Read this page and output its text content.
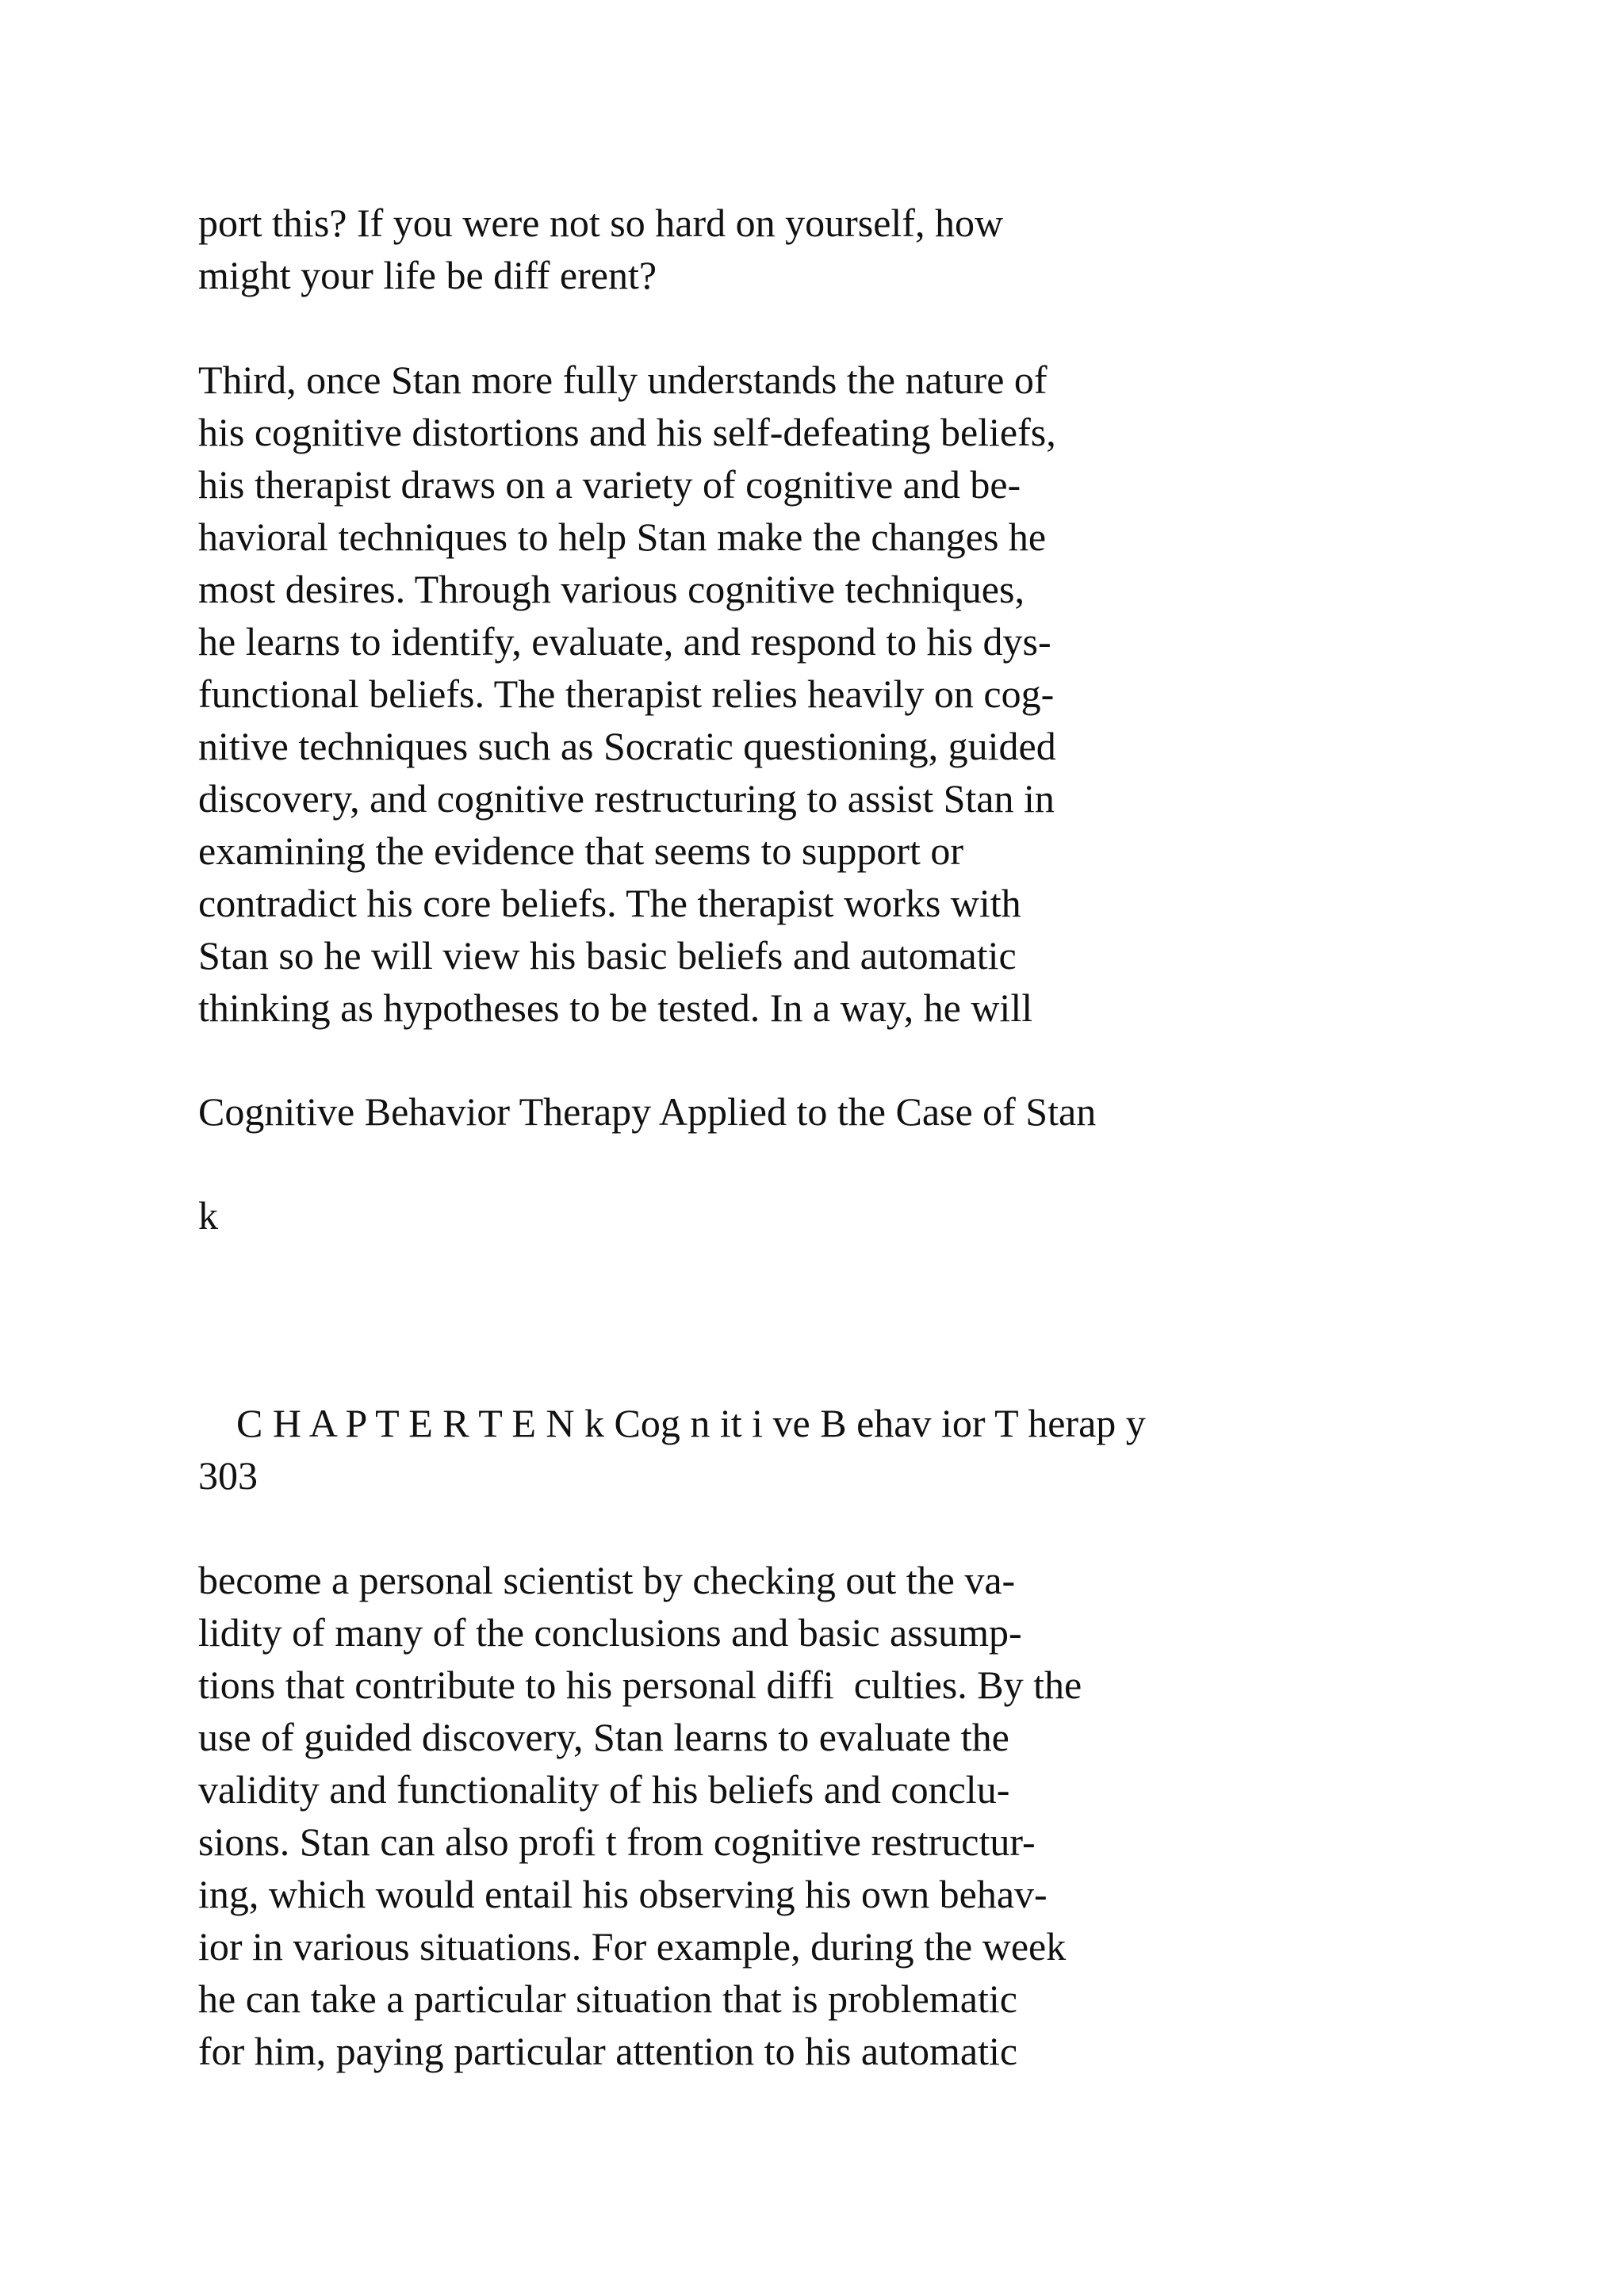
port this? If you were not so hard on yourself, how
might your life be diff erent?
Third, once Stan more fully understands the nature of
his cognitive distortions and his self-defeating beliefs,
his therapist draws on a variety of cognitive and be-
havioral techniques to help Stan make the changes he
most desires. Through various cognitive techniques,
he learns to identify, evaluate, and respond to his dys-
functional beliefs. The therapist relies heavily on cog-
nitive techniques such as Socratic questioning, guided
discovery, and cognitive restructuring to assist Stan in
examining the evidence that seems to support or
contradict his core beliefs. The therapist works with
Stan so he will view his basic beliefs and automatic
thinking as hypotheses to be tested. In a way, he will
Cognitive Behavior Therapy Applied to the Case of Stan
k
C H A P T E R T E N k Cog n it i ve B ehav ior T herap y
303
become a personal scientist by checking out the va-
lidity of many of the conclusions and basic assump-
tions that contribute to his personal diffi  culties. By the
use of guided discovery, Stan learns to evaluate the
validity and functionality of his beliefs and conclu-
sions. Stan can also profi t from cognitive restructur-
ing, which would entail his observing his own behav-
ior in various situations. For example, during the week
he can take a particular situation that is problematic
for him, paying particular attention to his automatic
